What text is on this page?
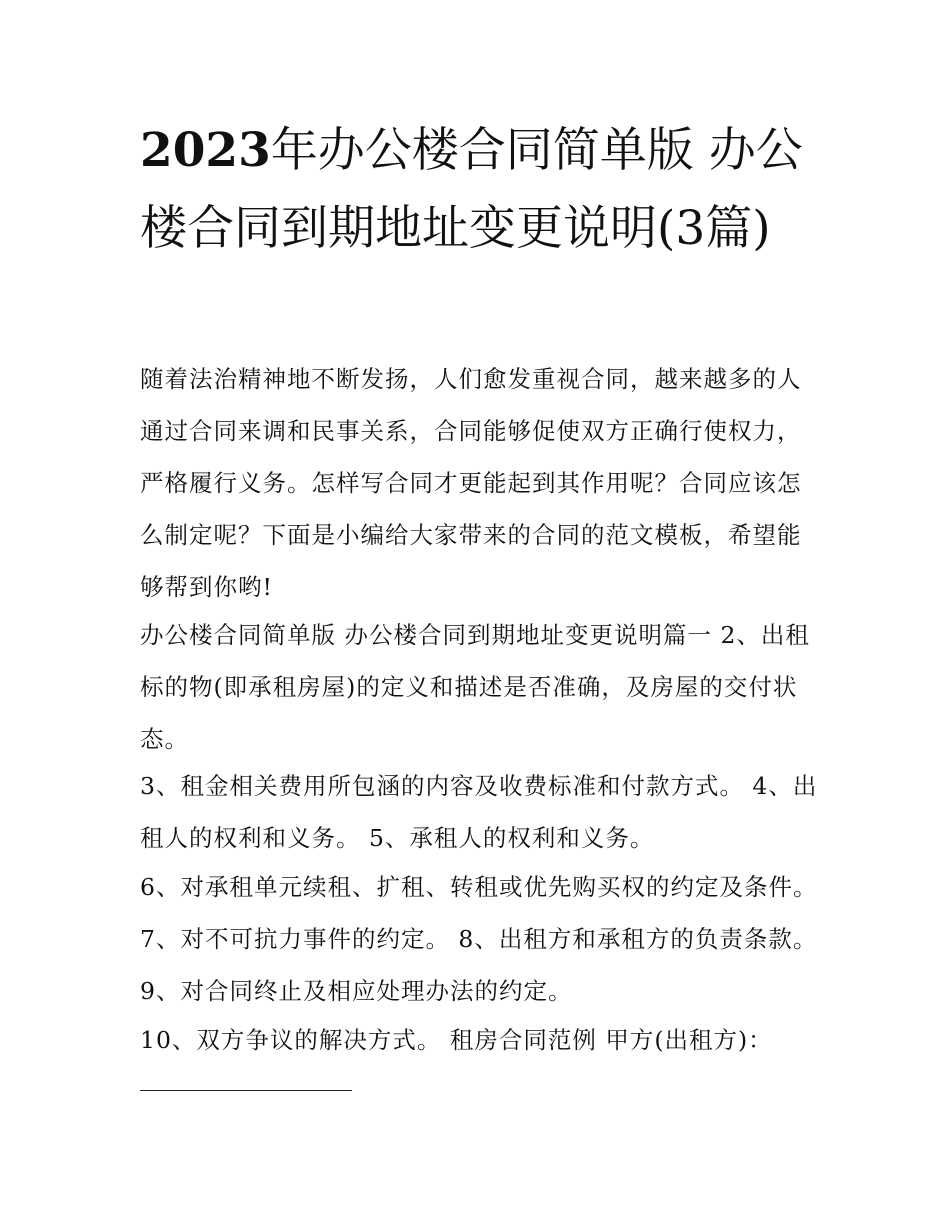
2023年办公楼合同简单版 办公楼合同到期地址变更说明(3篇)

随着法治精神地不断发扬，人们愈发重视合同，越来越多的人通过合同来调和民事关系，合同能够促使双方正确行使权力，严格履行义务。怎样写合同才更能起到其作用呢？合同应该怎么制定呢？下面是小编给大家带来的合同的范文模板，希望能够帮到你哟!

办公楼合同简单版 办公楼合同到期地址变更说明篇一 2、出租标的物(即承租房屋)的定义和描述是否准确，及房屋的交付状态。

3、租金相关费用所包涵的内容及收费标准和付款方式。 4、出租人的权利和义务。 5、承租人的权利和义务。

6、对承租单元续租、扩租、转租或优先购买权的约定及条件。 7、对不可抗力事件的约定。 8、出租方和承租方的负责条款。 9、对合同终止及相应处理办法的约定。

10、双方争议的解决方式。 租房合同范例 甲方(出租方)：
